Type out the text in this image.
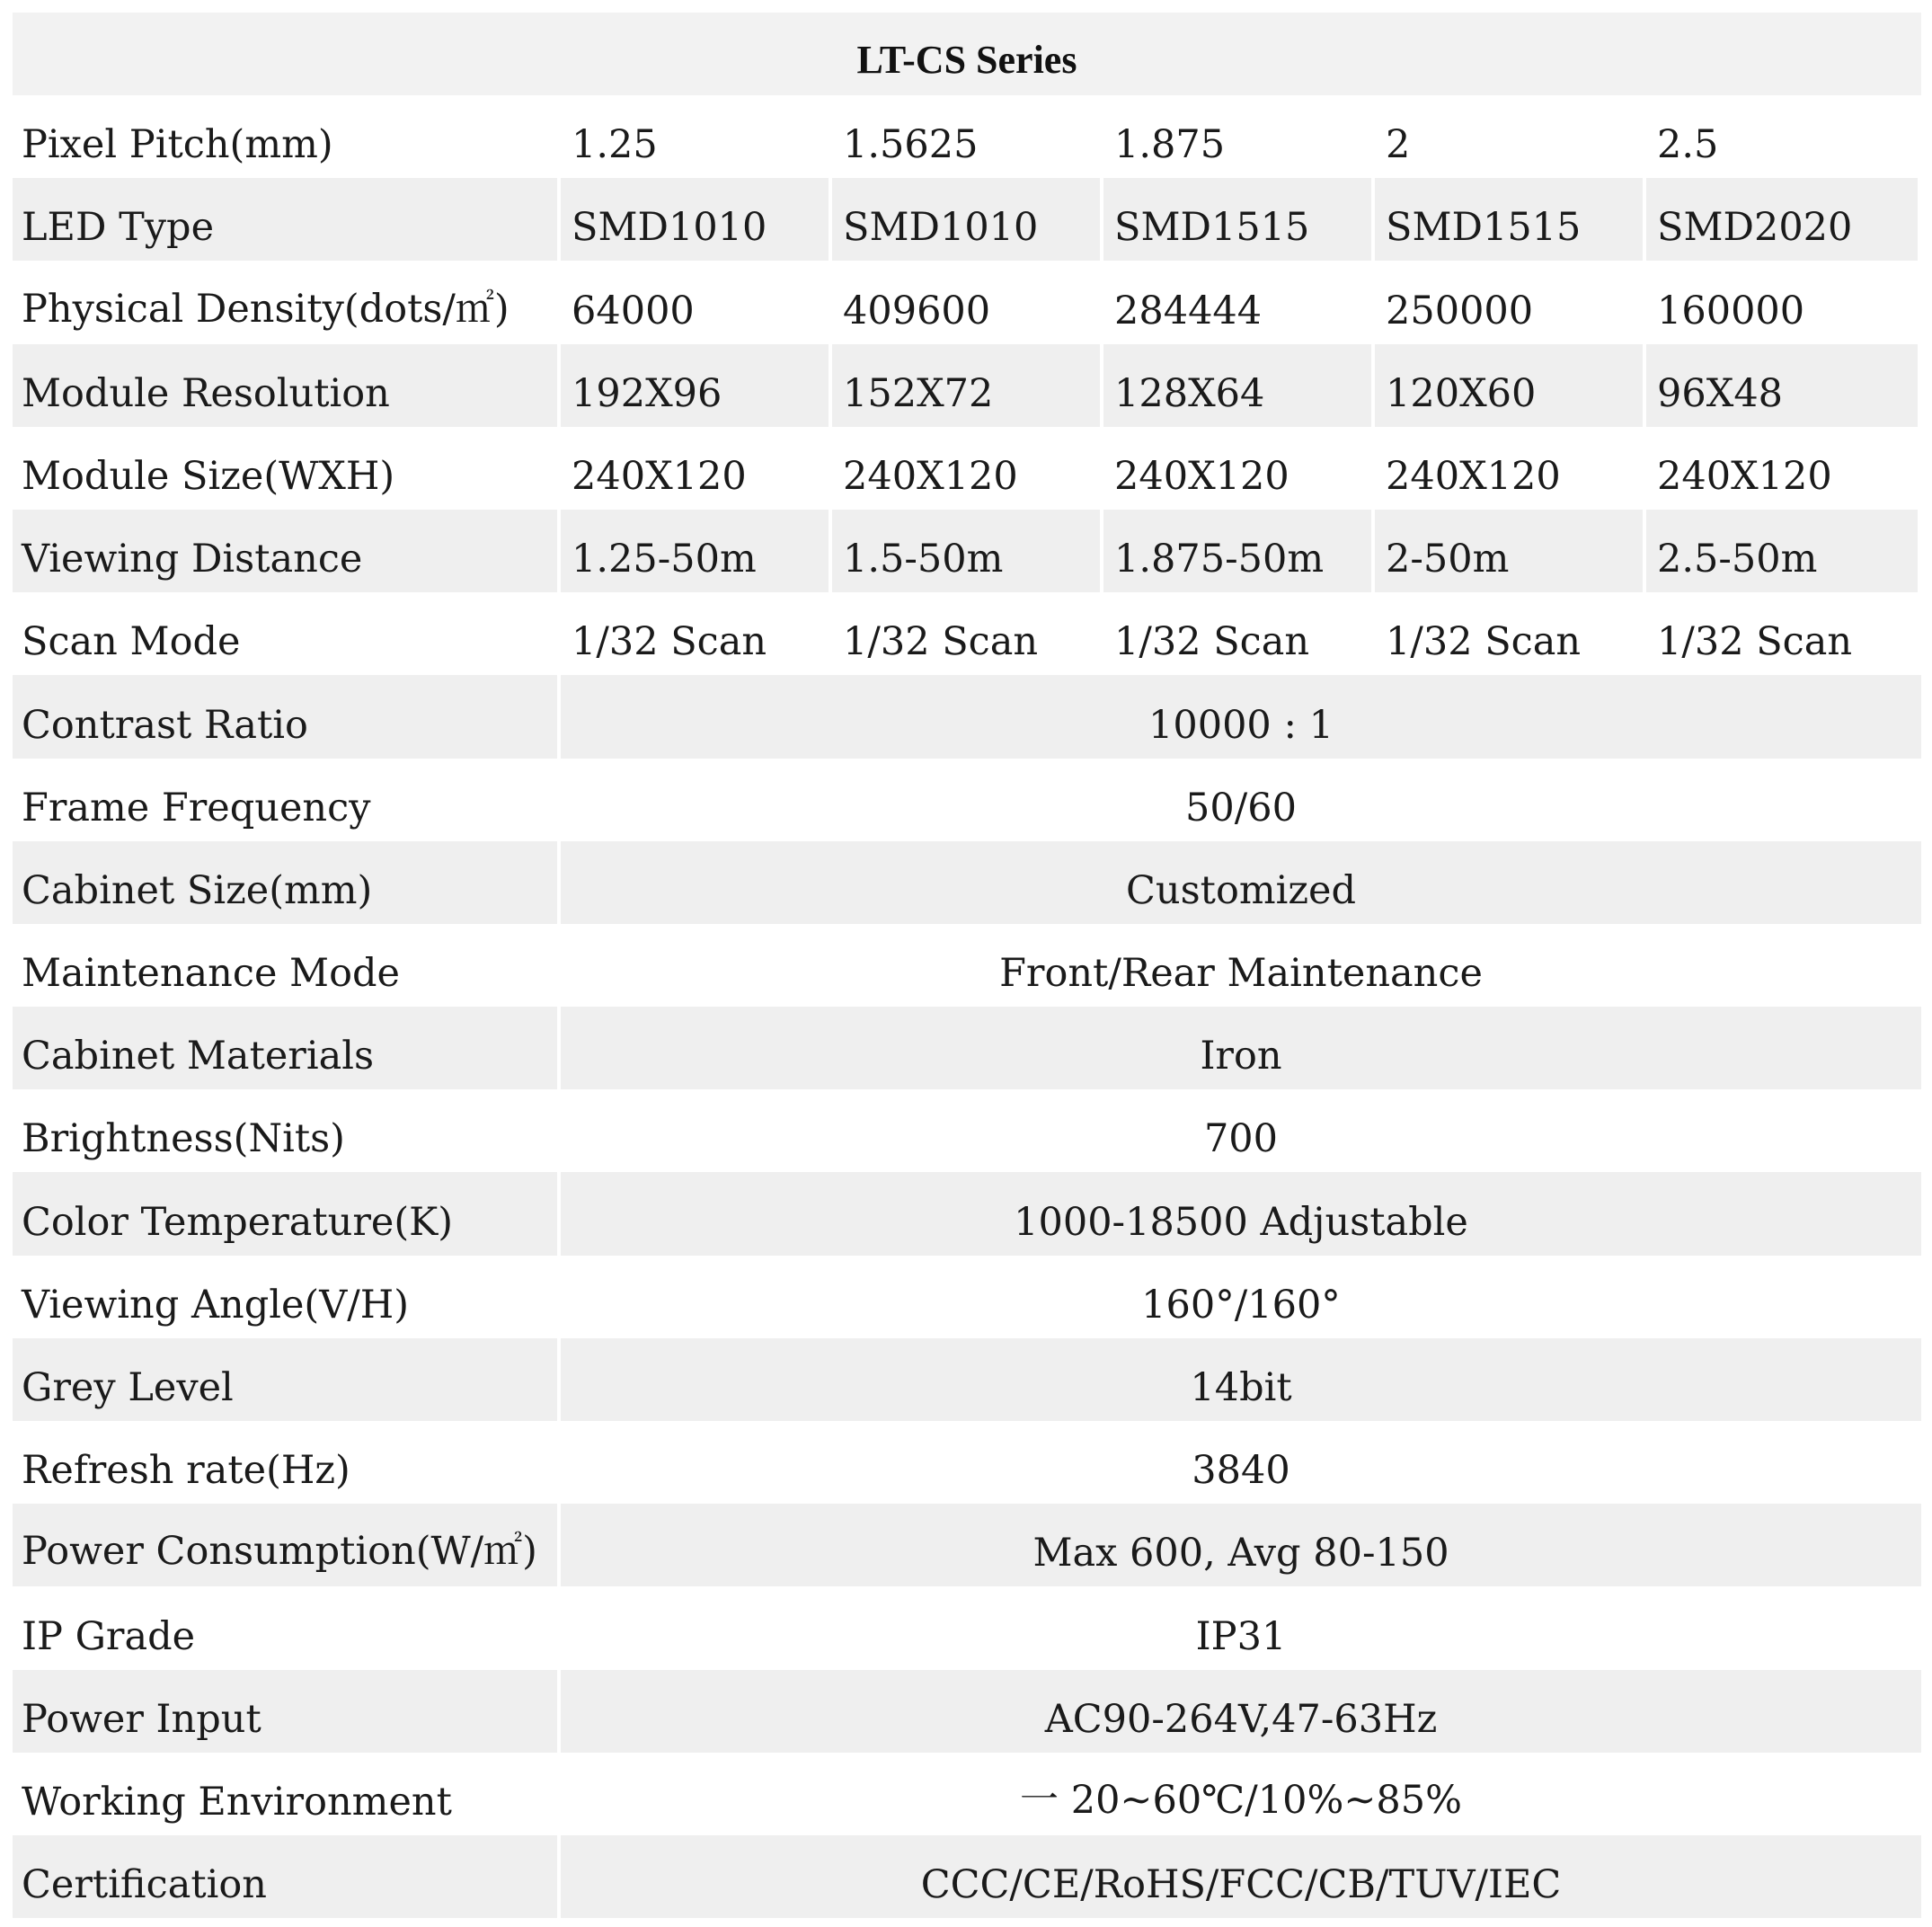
LT-CS Series
Pixel Pitch(mm)	1.25	1.5625	1.875	2	2.5
LED Type	SMD1010	SMD1010	SMD1515	SMD1515	SMD2020
Physical Density(dots/㎡)	64000	409600	284444	250000	160000
Module Resolution	192X96	152X72	128X64	120X60	96X48
Module Size(WXH)	240X120	240X120	240X120	240X120	240X120
Viewing Distance	1.25-50m	1.5-50m	1.875-50m	2-50m	2.5-50m
Scan Mode	1/32 Scan	1/32 Scan	1/32 Scan	1/32 Scan	1/32 Scan
Contrast Ratio	10000 : 1
Frame Frequency	50/60
Cabinet Size(mm)	Customized
Maintenance Mode	Front/Rear Maintenance
Cabinet Materials	Iron
Brightness(Nits)	700
Color Temperature(K)	1000-18500 Adjustable
Viewing Angle(V/H)	160°/160°
Grey Level	14bit
Refresh rate(Hz)	3840
Power Consumption(W/㎡)	Max 600, Avg 80-150
IP Grade	IP31
Power Input	AC90-264V,47-63Hz
Working Environment	一 20~60℃/10%~85%
Certification	CCC/CE/RoHS/FCC/CB/TUV/IEC
